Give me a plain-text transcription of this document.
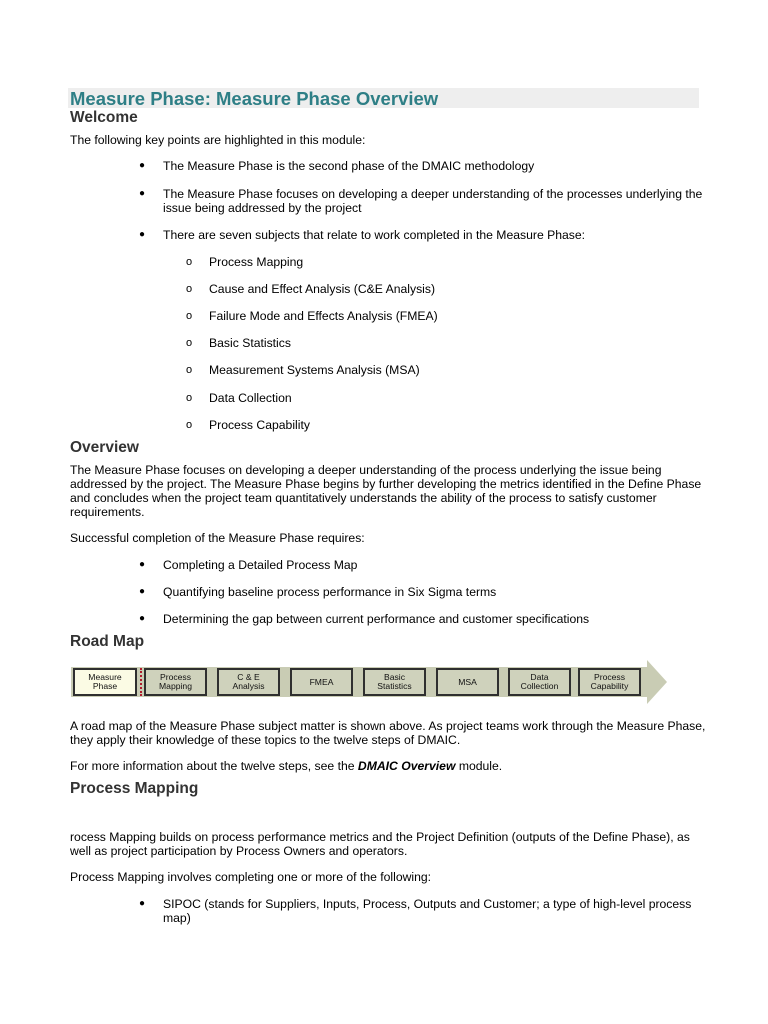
Measure Phase: Measure Phase Overview
Welcome
The following key points are highlighted in this module:
● The Measure Phase is the second phase of the DMAIC methodology
● The Measure Phase focuses on developing a deeper understanding of the processes underlying the issue being addressed by the project
● There are seven subjects that relate to work completed in the Measure Phase:
o Process Mapping
o Cause and Effect Analysis (C&E Analysis)
o Failure Mode and Effects Analysis (FMEA)
o Basic Statistics
o Measurement Systems Analysis (MSA)
o Data Collection
o Process Capability
Overview
The Measure Phase focuses on developing a deeper understanding of the process underlying the issue being addressed by the project. The Measure Phase begins by further developing the metrics identified in the Define Phase and concludes when the project team quantitatively understands the ability of the process to satisfy customer requirements.
Successful completion of the Measure Phase requires:
● Completing a Detailed Process Map
● Quantifying baseline process performance in Six Sigma terms
● Determining the gap between current performance and customer specifications
Road Map
Measure
Phase
Process
Mapping
C & E
Analysis	FMEA	Basic
Statistics	MSA	Data
Collection
Process
Capability
A road map of the Measure Phase subject matter is shown above. As project teams work through the Measure Phase, they apply their knowledge of these topics to the twelve steps of DMAIC.
For more information about the twelve steps, see the DMAIC Overview module.
Process Mapping
rocess Mapping builds on process performance metrics and the Project Definition (outputs of the Define Phase), as well as project participation by Process Owners and operators.
Process Mapping involves completing one or more of the following:
● SIPOC (stands for Suppliers, Inputs, Process, Outputs and Customer; a type of high-level process map)
